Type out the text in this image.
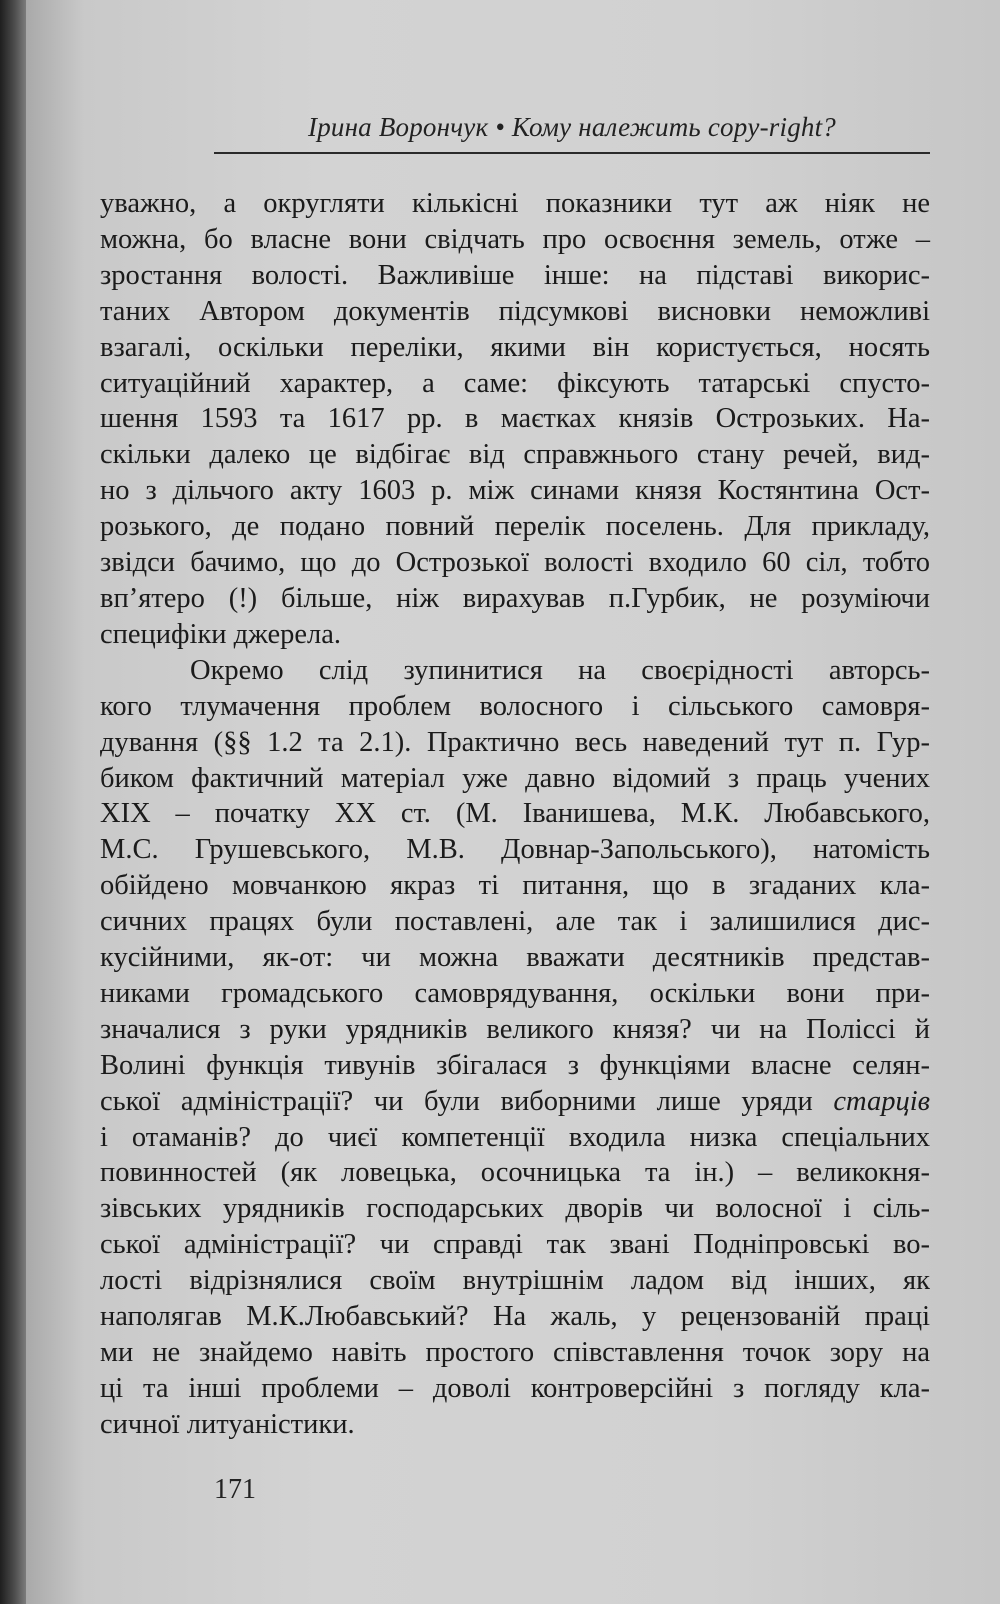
Ірина Ворончук • Кому належить copy-right?

уважно, а округляти кількісні показники тут аж ніяк не
можна, бо власне вони свідчать про освоєння земель, отже –
зростання волості. Важливіше інше: на підставі викорис-
таних Автором документів підсумкові висновки неможливі
взагалі, оскільки переліки, якими він користується, носять
ситуаційний характер, а саме: фіксують татарські спусто-
шення 1593 та 1617 рр. в маєтках князів Острозьких. На-
скільки далеко це відбігає від справжнього стану речей, вид-
но з дільчого акту 1603 р. між синами князя Костянтина Ост-
розького, де подано повний перелік поселень. Для прикладу,
звідси бачимо, що до Острозької волості входило 60 сіл, тобто
вп’ятеро (!) більше, ніж вирахував п.Гурбик, не розуміючи
специфіки джерела.

Окремо слід зупинитися на своєрідності авторсь-
кого тлумачення проблем волосного і сільського самовря-
дування (§§ 1.2 та 2.1). Практично весь наведений тут п. Гур-
биком фактичний матеріал уже давно відомий з праць учених
XIX – початку XX ст. (М. Іванишева, М.К. Любавського,
М.С. Грушевського, М.В. Довнар-Запольського), натомість
обійдено мовчанкою якраз ті питання, що в згаданих кла-
сичних працях були поставлені, але так і залишилися дис-
кусійними, як-от: чи можна вважати десятників представ-
никами громадського самоврядування, оскільки вони при-
значалися з руки урядників великого князя? чи на Поліссі й
Волині функція тивунів збігалася з функціями власне селян-
ської адміністрації? чи були виборними лише уряди старців
і отаманів? до чиєї компетенції входила низка спеціальних
повинностей (як ловецька, осочницька та ін.) – великокня-
зівських урядників господарських дворів чи волосної і сіль-
ської адміністрації? чи справді так звані Подніпровські во-
лості відрізнялися своїм внутрішнім ладом від інших, як
наполягав М.К.Любавський? На жаль, у рецензованій праці
ми не знайдемо навіть простого співставлення точок зору на
ці та інші проблеми – доволі контроверсійні з погляду кла-
сичної литуаністики.

171
